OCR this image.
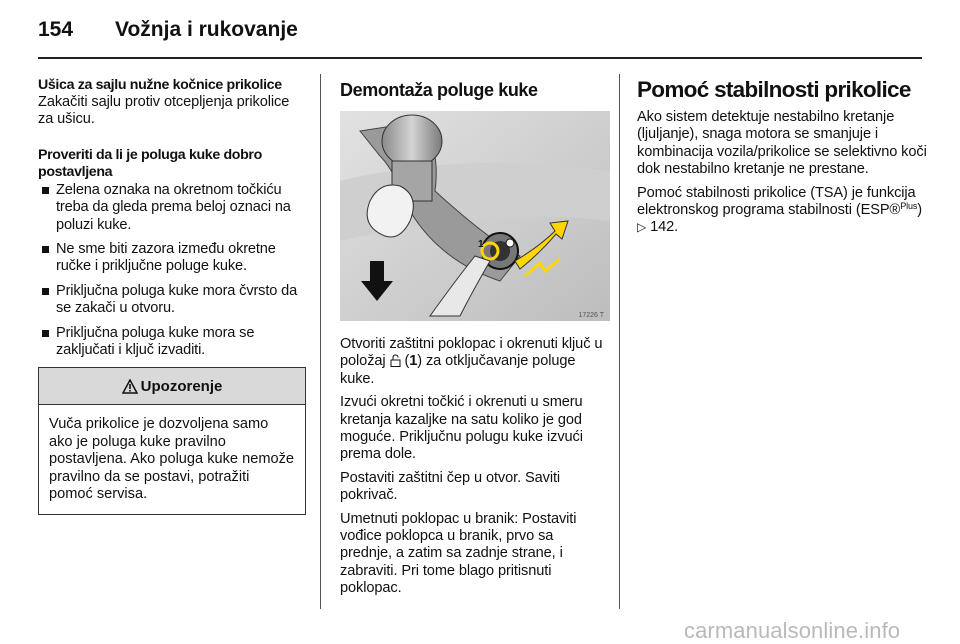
154 Vožnja i rukovanje
Ušica za sajlu nužne kočnice prikolice

Zakačiti sajlu protiv otcepljenja prikolice za ušicu.

Proveriti da li je poluga kuke dobro postavljena
Zelena oznaka na okretnom točkiću treba da gleda prema beloj oznaci na poluzi kuke.
Ne sme biti zazora između okretne ručke i priključne poluge kuke.
Priključna poluga kuke mora čvrsto da se zakači u otvoru.
Priključna poluga kuke mora se zaključati i ključ izvaditi.
Upozorenje
Vuča prikolice je dozvoljena samo ako je poluga kuke pravilno postavljena. Ako poluga kuke nemože pravilno da se postavi, potražiti pomoć servisa.
Demontaža poluge kuke
1
17226 T

Otvoriti zaštitni poklopac i okrenuti ključ u položaj  (1) za otključavanje poluge kuke.

Izvući okretni točkić i okrenuti u smeru kretanja kazaljke na satu koliko je god moguće. Priključnu polugu kuke izvući prema dole.

Postaviti zaštitni čep u otvor. Saviti pokrivač.

Umetnuti poklopac u branik: Postaviti vođice poklopca u branik, prvo sa prednje, a zatim sa zadnje strane, i zabraviti. Pri tome blago pritisnuti poklopac.

Pomoć stabilnosti prikolice

Ako sistem detektuje nestabilno kretanje (ljuljanje), snaga motora se smanjuje i kombinacija vozila/prikolice se selektivno koči dok nestabilno kretanje ne prestane.

Pomoć stabilnosti prikolice (TSA) je funkcija elektronskog programa stabilnosti (ESP®$^{Plus}$) ▷ 142.

carmanualsonline.info
